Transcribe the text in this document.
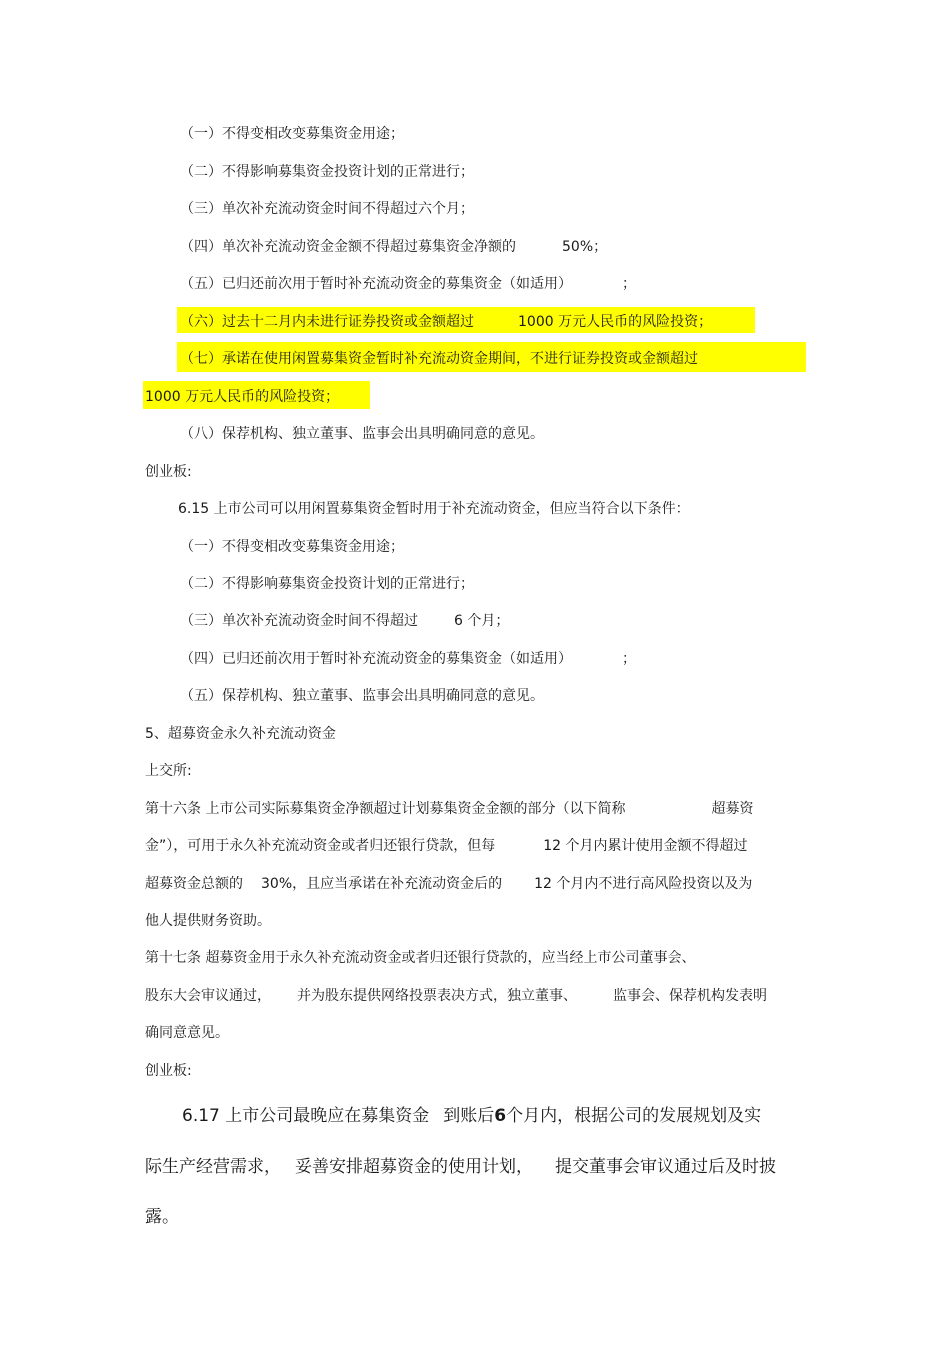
（一）不得变相改变募集资金用途；
（二）不得影响募集资金投资计划的正常进行；
（三）单次补充流动资金时间不得超过六个月；
（四）单次补充流动资金金额不得超过募集资金净额的	50%；
（五）已归还前次用于暂时补充流动资金的募集资金（如适用）	；
（六）过去十二月内未进行证券投资或金额超过	1000 万元人民币的风险投资；
（七）承诺在使用闲置募集资金暂时补充流动资金期间，不进行证券投资或金额超过
1000 万元人民币的风险投资；
（八）保荐机构、独立董事、监事会出具明确同意的意见。
创业板:
6.15 上市公司可以用闲置募集资金暂时用于补充流动资金，但应当符合以下条件：
（一）不得变相改变募集资金用途；
（二）不得影响募集资金投资计划的正常进行；
（三）单次补充流动资金时间不得超过	6 个月；
（四）已归还前次用于暂时补充流动资金的募集资金（如适用）	；
（五）保荐机构、独立董事、监事会出具明确同意的意见。
5、超募资金永久补充流动资金
上交所:
第十六条 上市公司实际募集资金净额超过计划募集资金金额的部分（以下简称	超募资
金”），可用于永久补充流动资金或者归还银行贷款，但每	12 个月内累计使用金额不得超过
超募资金总额的 30%，且应当承诺在补充流动资金后的 12 个月内不进行高风险投资以及为
他人提供财务资助。
第十七条 超募资金用于永久补充流动资金或者归还银行贷款的，应当经上市公司董事会、
股东大会审议通过， 并为股东提供网络投票表决方式，独立董事、	监事会、保荐机构发表明
确同意意见。
创业板:
6.17 上市公司最晚应在募集资金 到账后6个月内，根据公司的发展规划及实
际生产经营需求， 妥善安排超募资金的使用计划， 提交董事会审议通过后及时披
露。
